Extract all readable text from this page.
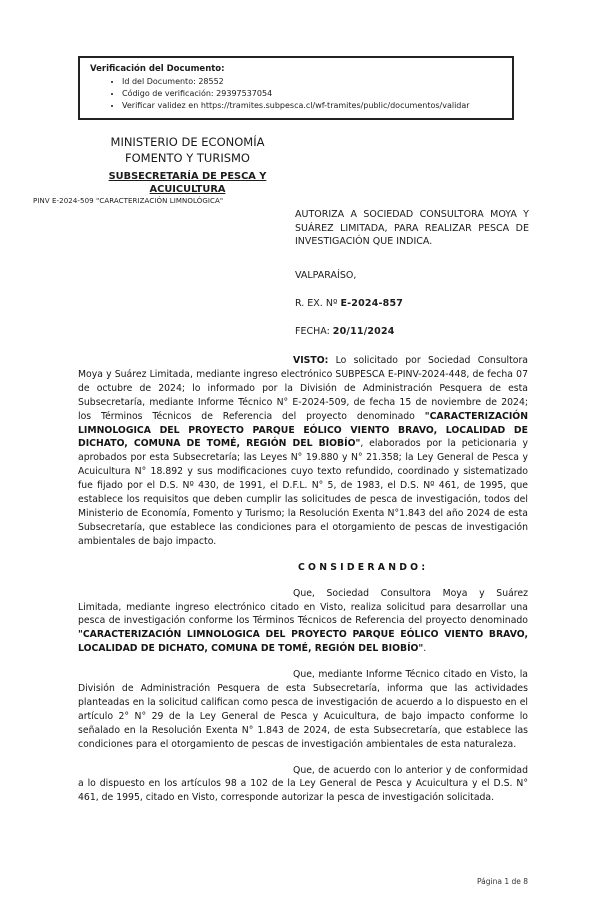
Verificación del Documento:
• Id del Documento: 28552
• Código de verificación: 29397537054
• Verificar validez en https://tramites.subpesca.cl/wf-tramites/public/documentos/validar
MINISTERIO DE ECONOMÍA
FOMENTO Y TURISMO
SUBSECRETARÍA DE PESCA Y ACUICULTURA
PINV E-2024-509 "CARACTERIZACIÓN LIMNOLÓGICA"
AUTORIZA A SOCIEDAD CONSULTORA MOYA Y SUÁREZ LIMITADA, PARA REALIZAR PESCA DE INVESTIGACIÓN QUE INDICA.
VALPARAÍSO,
R. EX. Nº E-2024-857
FECHA: 20/11/2024

VISTO: Lo solicitado por Sociedad Consultora Moya y Suárez Limitada, mediante ingreso electrónico SUBPESCA E-PINV-2024-448, de fecha 07 de octubre de 2024; lo informado por la División de Administración Pesquera de esta Subsecretaría, mediante Informe Técnico N° E-2024-509, de fecha 15 de noviembre de 2024; los Términos Técnicos de Referencia del proyecto denominado "CARACTERIZACIÓN LIMNOLOGICA DEL PROYECTO PARQUE EÓLICO VIENTO BRAVO, LOCALIDAD DE DICHATO, COMUNA DE TOMÉ, REGIÓN DEL BIOBÍO", elaborados por la peticionaria y aprobados por esta Subsecretaría; las Leyes N° 19.880 y N° 21.358; la Ley General de Pesca y Acuicultura N° 18.892 y sus modificaciones cuyo texto refundido, coordinado y sistematizado fue fijado por el D.S. Nº 430, de 1991, el D.F.L. N° 5, de 1983, el D.S. Nº 461, de 1995, que establece los requisitos que deben cumplir las solicitudes de pesca de investigación, todos del Ministerio de Economía, Fomento y Turismo; la Resolución Exenta N°1.843 del año 2024 de esta Subsecretaría, que establece las condiciones para el otorgamiento de pescas de investigación ambientales de bajo impacto.

C O N S I D E R A N D O :

Que, Sociedad Consultora Moya y Suárez Limitada, mediante ingreso electrónico citado en Visto, realiza solicitud para desarrollar una pesca de investigación conforme los Términos Técnicos de Referencia del proyecto denominado "CARACTERIZACIÓN LIMNOLOGICA DEL PROYECTO PARQUE EÓLICO VIENTO BRAVO, LOCALIDAD DE DICHATO, COMUNA DE TOMÉ, REGIÓN DEL BIOBÍO".

Que, mediante Informe Técnico citado en Visto, la División de Administración Pesquera de esta Subsecretaría, informa que las actividades planteadas en la solicitud califican como pesca de investigación de acuerdo a lo dispuesto en el artículo 2° N° 29 de la Ley General de Pesca y Acuicultura, de bajo impacto conforme lo señalado en la Resolución Exenta N° 1.843 de 2024, de esta Subsecretaría, que establece las condiciones para el otorgamiento de pescas de investigación ambientales de esta naturaleza.

Que, de acuerdo con lo anterior y de conformidad a lo dispuesto en los artículos 98 a 102 de la Ley General de Pesca y Acuicultura y el D.S. N° 461, de 1995, citado en Visto, corresponde autorizar la pesca de investigación solicitada.

Página 1 de 8
